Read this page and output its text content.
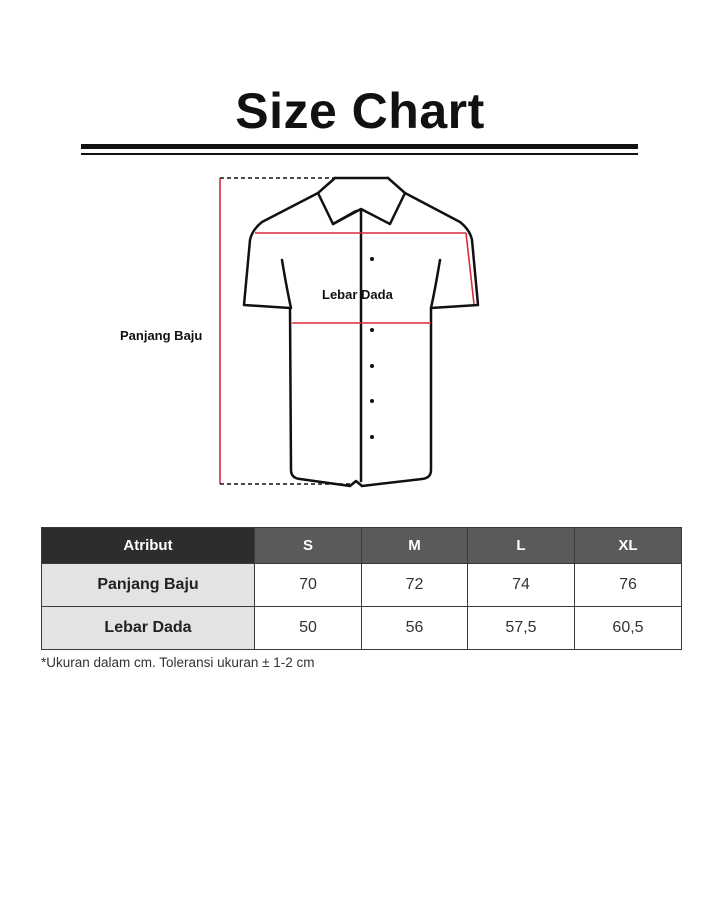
Size Chart
Panjang Baju
Lebar Dada
Atribut	S	M	L	XL
Panjang Baju	70	72	74	76
Lebar Dada	50	56	57,5	60,5
*Ukuran dalam cm. Toleransi ukuran ± 1-2 cm
